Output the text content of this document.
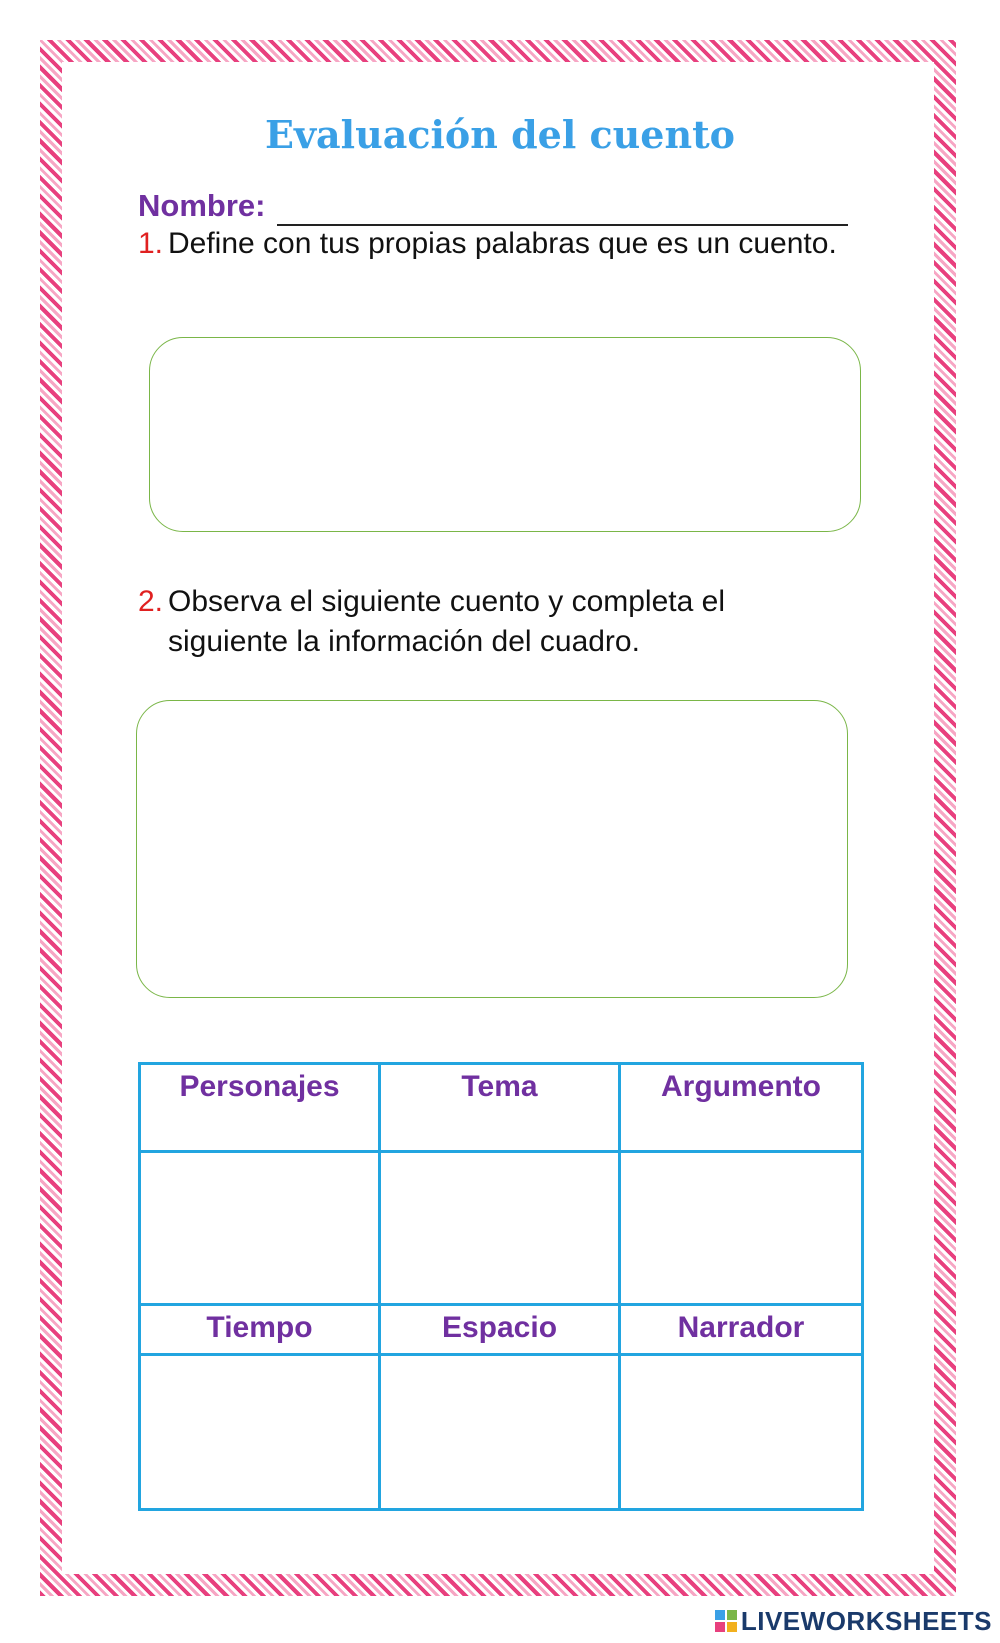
Evaluación del cuento
Nombre:
1. Define con tus propias palabras que es un cuento.
2. Observa el siguiente cuento y completa el siguiente la información del cuadro.
Personajes	Tema	Argumento
Tiempo	Espacio	Narrador
LIVEWORKSHEETS
